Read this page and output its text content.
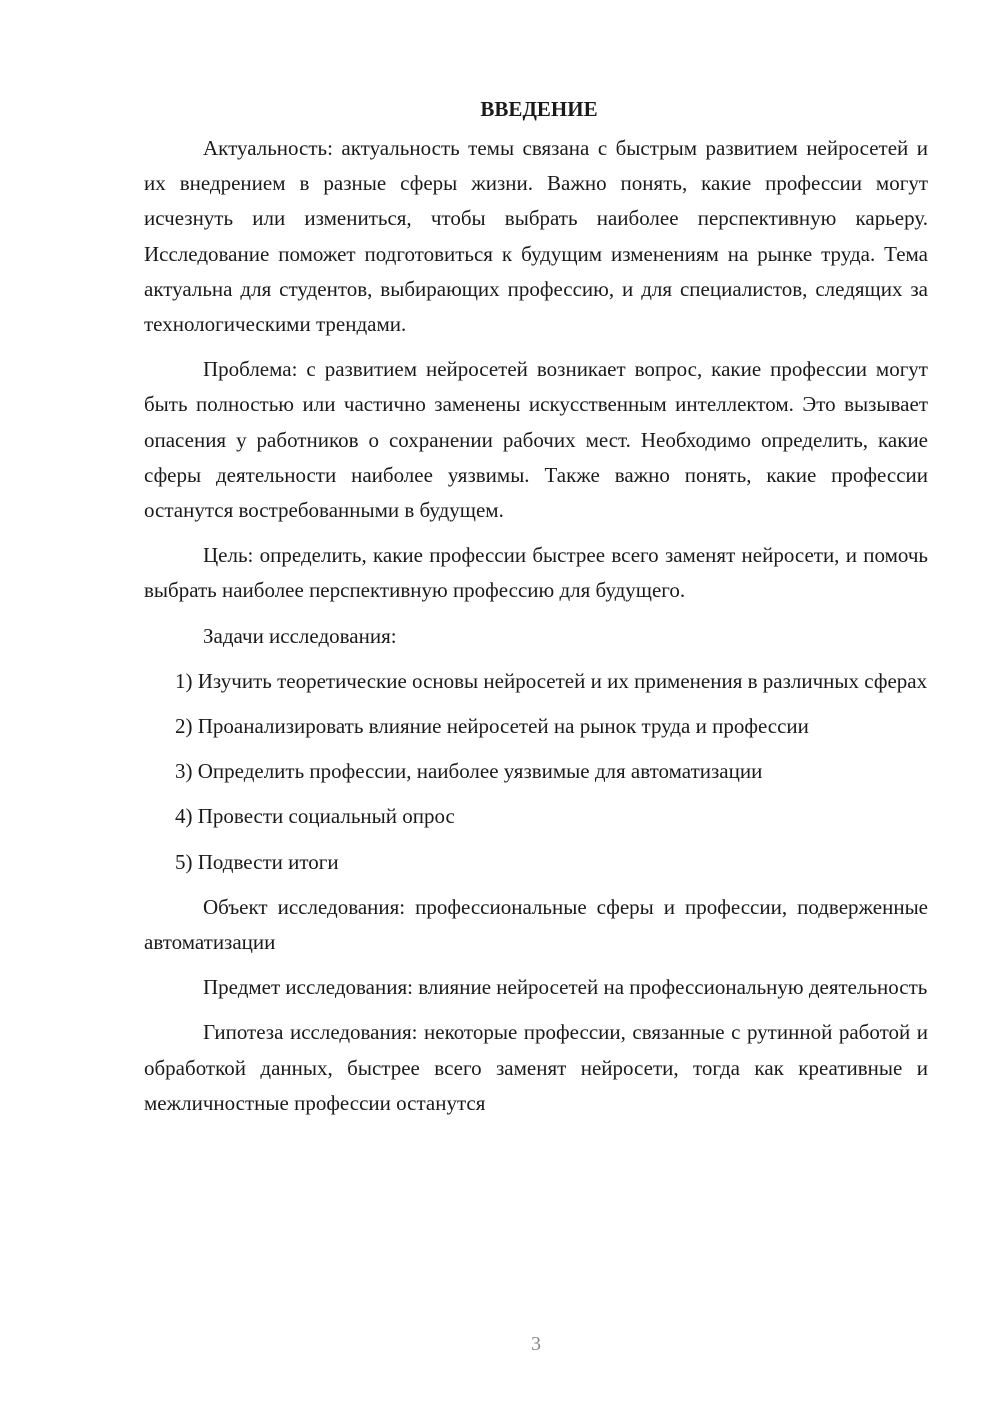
ВВЕДЕНИЕ

Актуальность: актуальность темы связана с быстрым развитием нейросетей и их внедрением в разные сферы жизни. Важно понять, какие профессии могут исчезнуть или измениться, чтобы выбрать наиболее перспективную карьеру. Исследование поможет подготовиться к будущим изменениям на рынке труда. Тема актуальна для студентов, выбирающих профессию, и для специалистов, следящих за технологическими трендами.

Проблема: с развитием нейросетей возникает вопрос, какие профессии могут быть полностью или частично заменены искусственным интеллектом. Это вызывает опасения у работников о сохранении рабочих мест. Необходимо определить, какие сферы деятельности наиболее уязвимы. Также важно понять, какие профессии останутся востребованными в будущем.

Цель: определить, какие профессии быстрее всего заменят нейросети, и помочь выбрать наиболее перспективную профессию для будущего.

Задачи исследования:

1) Изучить теоретические основы нейросетей и их применения в различных сферах

2) Проанализировать влияние нейросетей на рынок труда и профессии

3) Определить профессии, наиболее уязвимые для автоматизации

4) Провести социальный опрос

5) Подвести итоги

Объект исследования: профессиональные сферы и профессии, подверженные автоматизации

Предмет исследования: влияние нейросетей на профессиональную деятельность

Гипотеза исследования: некоторые профессии, связанные с рутинной работой и обработкой данных, быстрее всего заменят нейросети, тогда как креативные и межличностные профессии останутся

3
